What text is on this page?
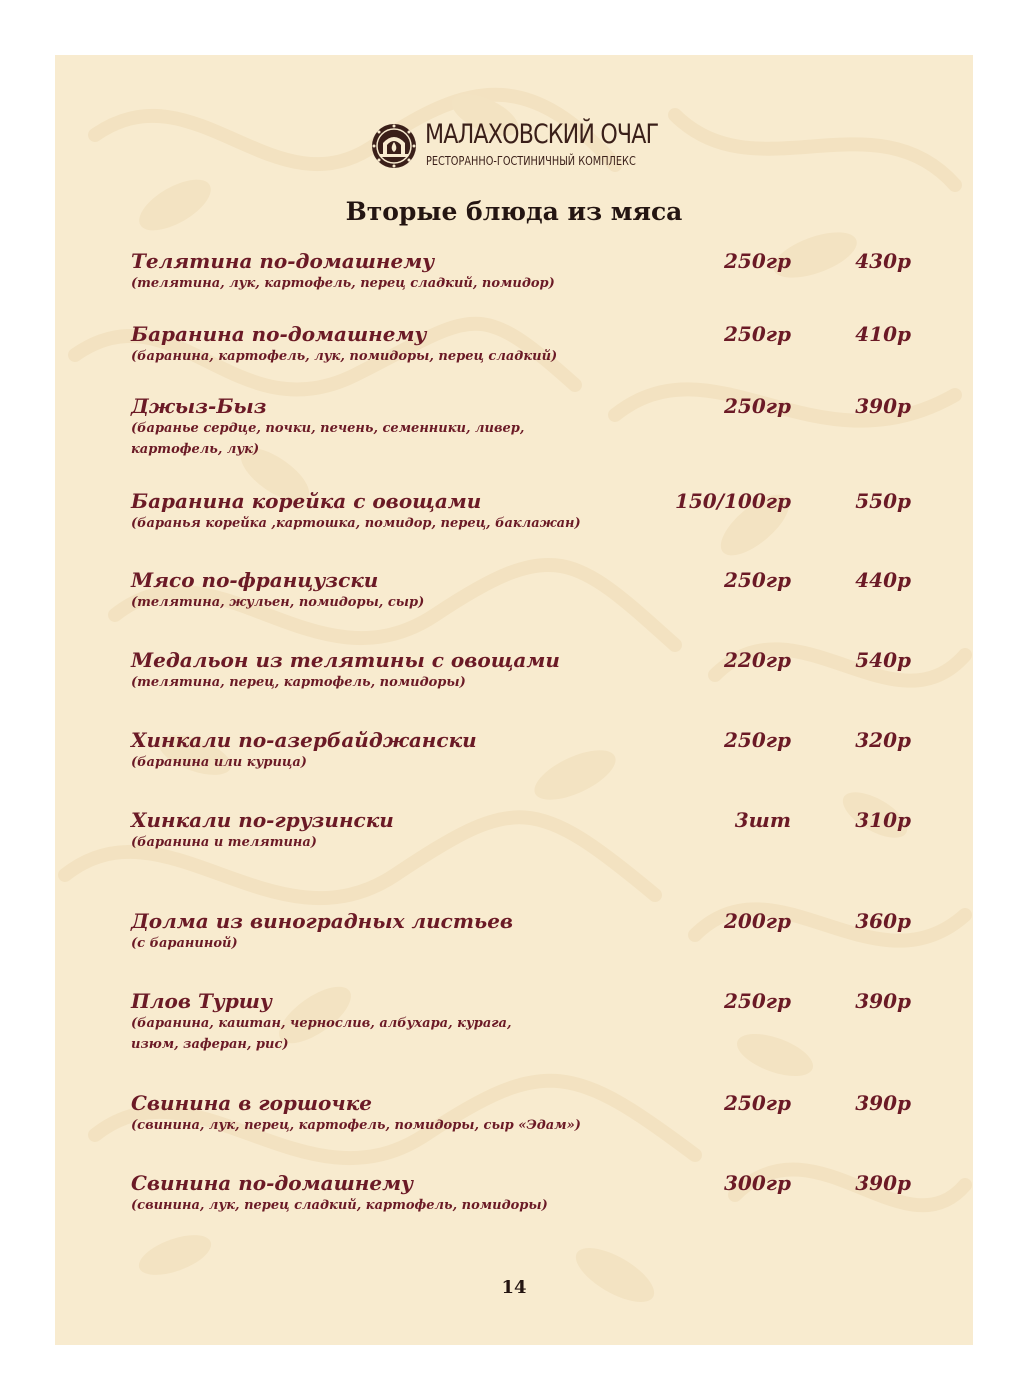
МАЛАХОВСКИЙ ОЧАГ
РЕСТОРАННО-ГОСТИНИЧНЫЙ КОМПЛЕКС
Вторые блюда из мяса
Телятина по-домашнему
(телятина, лук, картофель, перец сладкий, помидор)
250гр	430р
Баранина по-домашнему
(баранина, картофель, лук, помидоры, перец сладкий)
250гр	410р
Джыз-Быз
(баранье сердце, почки, печень, семенники, ливер, картофель, лук)
250гр	390р
Баранина корейка с овощами
(баранья корейка ,картошка, помидор, перец, баклажан)
150/100гр	550р
Мясо по-французски
(телятина, жульен, помидоры, сыр)
250гр	440р
Медальон из телятины с овощами
(телятина, перец, картофель, помидоры)
220гр	540р
Хинкали по-азербайджански
(баранина или курица)
250гр	320р
Хинкали по-грузински
(баранина и телятина)
3шт	310р
Долма из виноградных листьев
(с бараниной)
200гр	360р
Плов Туршу
(баранина, каштан, чернослив, албухара, курага, изюм, заферан, рис)
250гр	390р
Свинина в горшочке
(свинина, лук, перец, картофель, помидоры, сыр «Эдам»)
250гр	390р
Свинина по-домашнему
(свинина, лук, перец сладкий, картофель, помидоры)
300гр	390р
14
